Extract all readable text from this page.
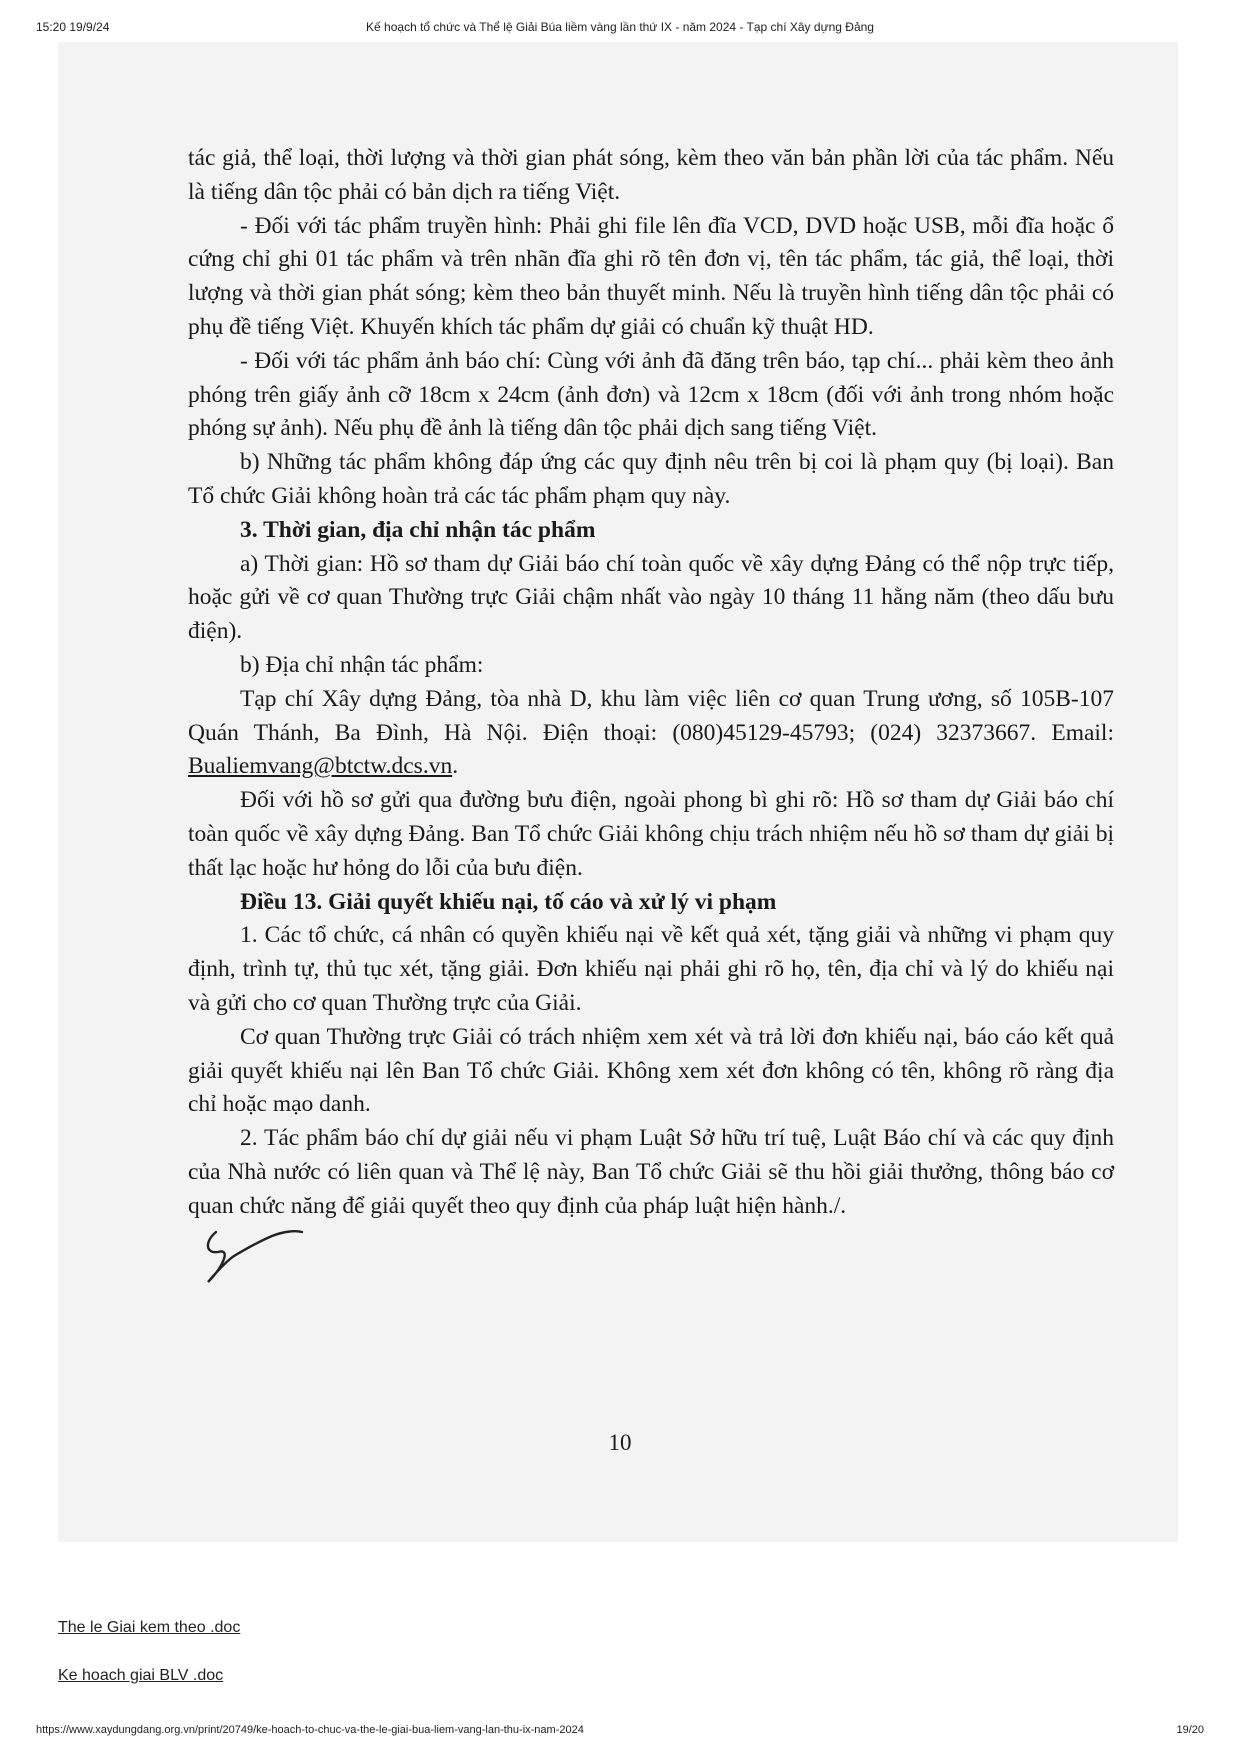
15:20 19/9/24	Kế hoạch tổ chức và Thể lệ Giải Búa liềm vàng lần thứ IX - năm 2024 - Tạp chí Xây dựng Đảng

tác giả, thể loại, thời lượng và thời gian phát sóng, kèm theo văn bản phần lời của tác phẩm. Nếu là tiếng dân tộc phải có bản dịch ra tiếng Việt.

- Đối với tác phẩm truyền hình: Phải ghi file lên đĩa VCD, DVD hoặc USB, mỗi đĩa hoặc ổ cứng chỉ ghi 01 tác phẩm và trên nhãn đĩa ghi rõ tên đơn vị, tên tác phẩm, tác giả, thể loại, thời lượng và thời gian phát sóng; kèm theo bản thuyết minh. Nếu là truyền hình tiếng dân tộc phải có phụ đề tiếng Việt. Khuyến khích tác phẩm dự giải có chuẩn kỹ thuật HD.

- Đối với tác phẩm ảnh báo chí: Cùng với ảnh đã đăng trên báo, tạp chí... phải kèm theo ảnh phóng trên giấy ảnh cỡ 18cm x 24cm (ảnh đơn) và 12cm x 18cm (đối với ảnh trong nhóm hoặc phóng sự ảnh). Nếu phụ đề ảnh là tiếng dân tộc phải dịch sang tiếng Việt.

b) Những tác phẩm không đáp ứng các quy định nêu trên bị coi là phạm quy (bị loại). Ban Tổ chức Giải không hoàn trả các tác phẩm phạm quy này.

3. Thời gian, địa chỉ nhận tác phẩm

a) Thời gian: Hồ sơ tham dự Giải báo chí toàn quốc về xây dựng Đảng có thể nộp trực tiếp, hoặc gửi về cơ quan Thường trực Giải chậm nhất vào ngày 10 tháng 11 hằng năm (theo dấu bưu điện).

b) Địa chỉ nhận tác phẩm:

Tạp chí Xây dựng Đảng, tòa nhà D, khu làm việc liên cơ quan Trung ương, số 105B-107 Quán Thánh, Ba Đình, Hà Nội. Điện thoại: (080)45129-45793; (024) 32373667. Email: Bualiemvang@btctw.dcs.vn.

Đối với hồ sơ gửi qua đường bưu điện, ngoài phong bì ghi rõ: Hồ sơ tham dự Giải báo chí toàn quốc về xây dựng Đảng. Ban Tổ chức Giải không chịu trách nhiệm nếu hồ sơ tham dự giải bị thất lạc hoặc hư hỏng do lỗi của bưu điện.

Điều 13. Giải quyết khiếu nại, tố cáo và xử lý vi phạm

1. Các tổ chức, cá nhân có quyền khiếu nại về kết quả xét, tặng giải và những vi phạm quy định, trình tự, thủ tục xét, tặng giải. Đơn khiếu nại phải ghi rõ họ, tên, địa chỉ và lý do khiếu nại và gửi cho cơ quan Thường trực của Giải.

Cơ quan Thường trực Giải có trách nhiệm xem xét và trả lời đơn khiếu nại, báo cáo kết quả giải quyết khiếu nại lên Ban Tổ chức Giải. Không xem xét đơn không có tên, không rõ ràng địa chỉ hoặc mạo danh.

2. Tác phẩm báo chí dự giải nếu vi phạm Luật Sở hữu trí tuệ, Luật Báo chí và các quy định của Nhà nước có liên quan và Thể lệ này, Ban Tổ chức Giải sẽ thu hồi giải thưởng, thông báo cơ quan chức năng để giải quyết theo quy định của pháp luật hiện hành./.

10
The le Giai kem theo .doc
Ke hoach giai BLV .doc
https://www.xaydungdang.org.vn/print/20749/ke-hoach-to-chuc-va-the-le-giai-bua-liem-vang-lan-thu-ix-nam-2024	19/20
